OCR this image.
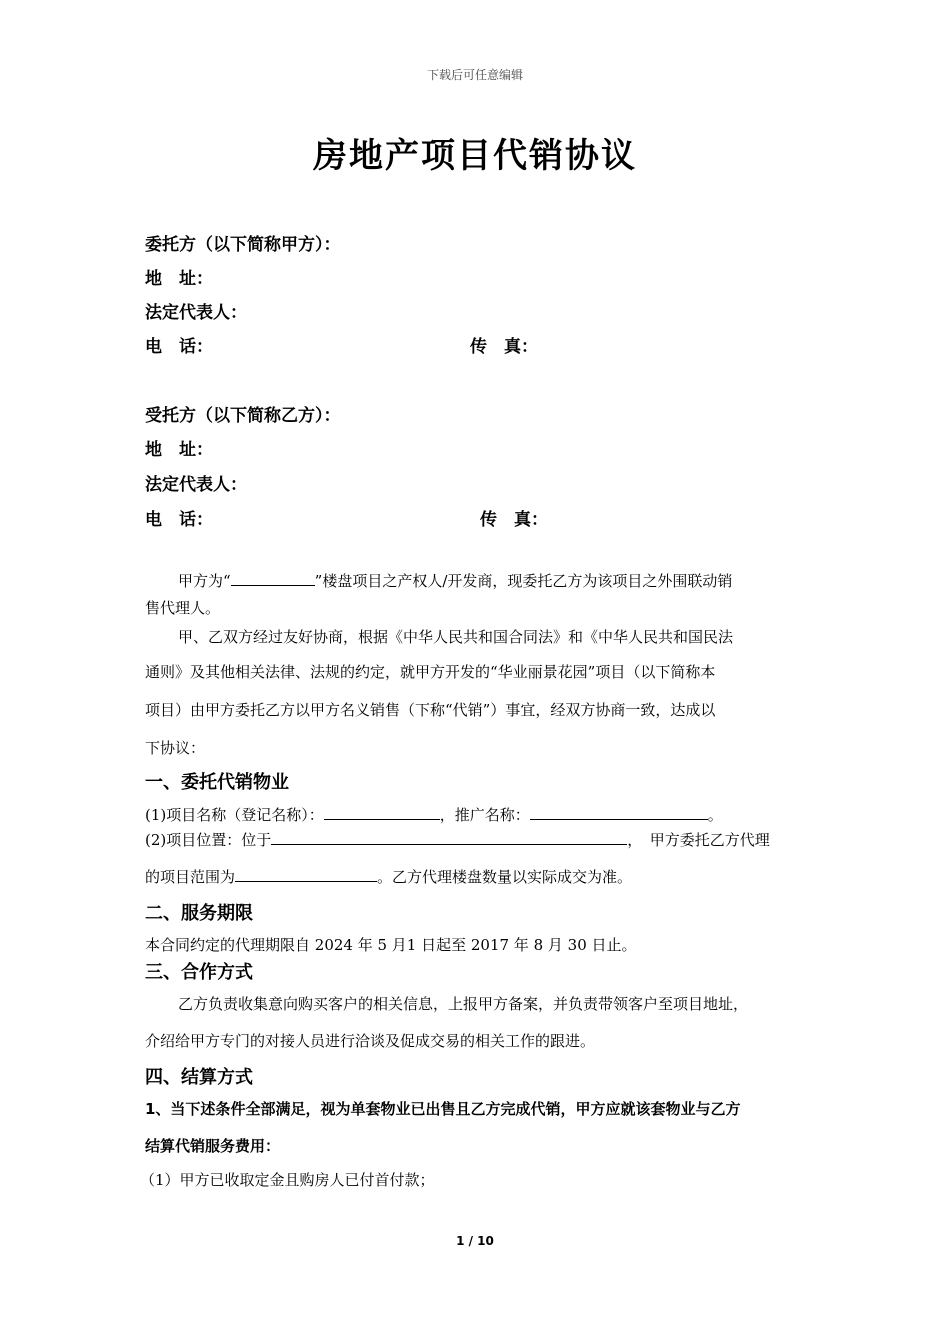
下载后可任意编辑
房地产项目代销协议
委托方（以下简称甲方）：
地　址：
法定代表人：
电　话：	传　真：
受托方（以下简称乙方）：
地　址：
法定代表人：
电　话：	传　真：
甲方为“	”楼盘项目之产权人/开发商，现委托乙方为该项目之外围联动销
售代理人。
甲、乙双方经过友好协商，根据《中华人民共和国合同法》和《中华人民共和国民法
通则》及其他相关法律、法规的约定，就甲方开发的“华业丽景花园”项目（以下简称本
项目）由甲方委托乙方以甲方名义销售（下称“代销”）事宜，经双方协商一致，达成以
下协议：
一、委托代销物业
(1)项目名称（登记名称）：	，推广名称：	。
(2)项目位置：位于	，　甲方委托乙方代理
的项目范围为	。乙方代理楼盘数量以实际成交为准。
二、服务期限
本合同约定的代理期限自 2024 年 5 月1 日起至 2017 年 8 月 30 日止。
三、合作方式
乙方负责收集意向购买客户的相关信息，上报甲方备案，并负责带领客户至项目地址，
介绍给甲方专门的对接人员进行洽谈及促成交易的相关工作的跟进。
四、结算方式
1、当下述条件全部满足，视为单套物业已出售且乙方完成代销，甲方应就该套物业与乙方
结算代销服务费用：
（1）甲方已收取定金且购房人已付首付款；
1 / 10
